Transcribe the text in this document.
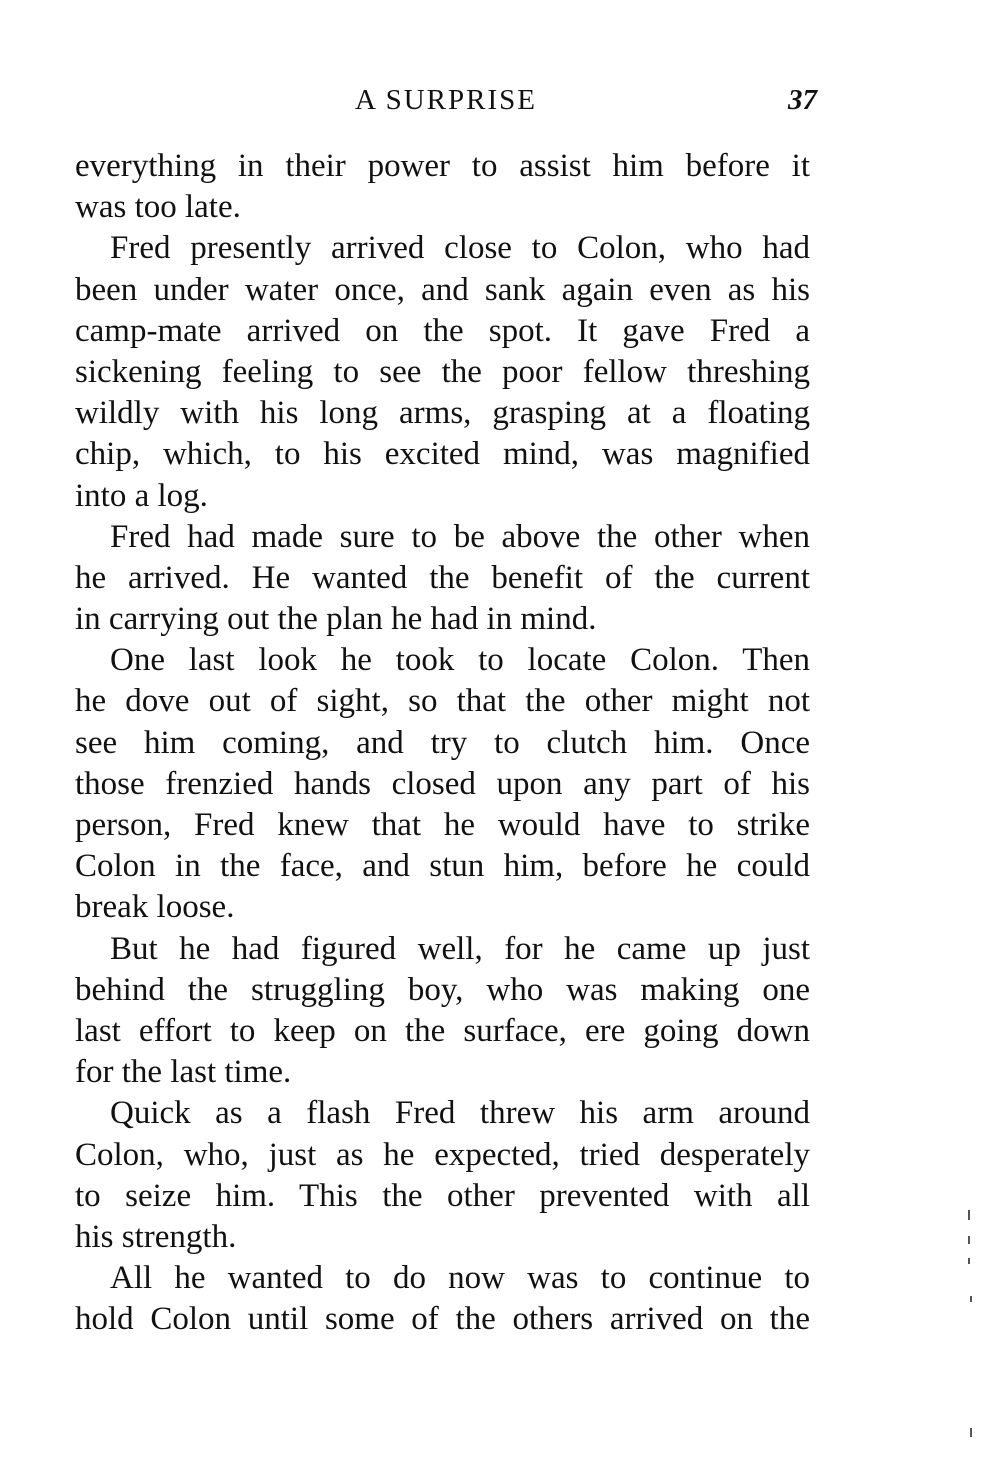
A SURPRISE	37
everything in their power to assist him before it
was too late.
Fred presently arrived close to Colon, who had
been under water once, and sank again even as his
camp-mate arrived on the spot. It gave Fred a
sickening feeling to see the poor fellow threshing
wildly with his long arms, grasping at a floating
chip, which, to his excited mind, was magnified
into a log.
Fred had made sure to be above the other when
he arrived. He wanted the benefit of the current
in carrying out the plan he had in mind.
One last look he took to locate Colon. Then
he dove out of sight, so that the other might not
see him coming, and try to clutch him. Once
those frenzied hands closed upon any part of his
person, Fred knew that he would have to strike
Colon in the face, and stun him, before he could
break loose.
But he had figured well, for he came up just
behind the struggling boy, who was making one
last effort to keep on the surface, ere going down
for the last time.
Quick as a flash Fred threw his arm around
Colon, who, just as he expected, tried desperately
to seize him. This the other prevented with all
his strength.
All he wanted to do now was to continue to
hold Colon until some of the others arrived on the
